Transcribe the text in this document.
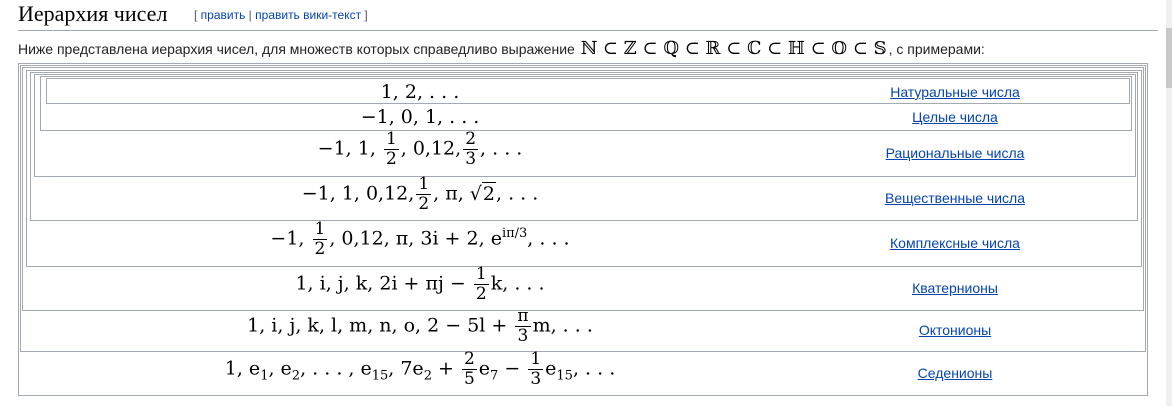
Иерархия чисел [ править | править вики-текст ]
Ниже представлена иерархия чисел, для множеств которых справедливо выражение ℕ ⊂ ℤ ⊂ ℚ ⊂ ℝ ⊂ ℂ ⊂ ℍ ⊂ 𝕆 ⊂ 𝕊 , с примерами:
1, 2, . . .	Натуральные числа
−1, 0, 1, . . .	Целые числа
−1, 1, $\frac{1}{2}$ , 0,12, $\frac{2}{3}$ , . . .	Рациональные числа
−1, 1, 0,12, $\frac{1}{2}$ , π, √2, . . .	Вещественные числа
−1, $\frac{1}{2}$ , 0,12, π, 3i + 2, $e^{i\pi/3}$, . . .	Комплексные числа
1, i, j, k, $2i + \pi j - \frac{1}{2} k$, . . .	Кватернионы
1, i, j, k, l, m, n, o, $2 - 5l + \frac{\pi}{3} m$, . . .	Октонионы
1, $e_1$, $e_2$, . . . , $e_{15}$, $7e_2 + \frac{2}{5} e_7 - \frac{1}{3} e_{15}$, . . .	Седенионы
